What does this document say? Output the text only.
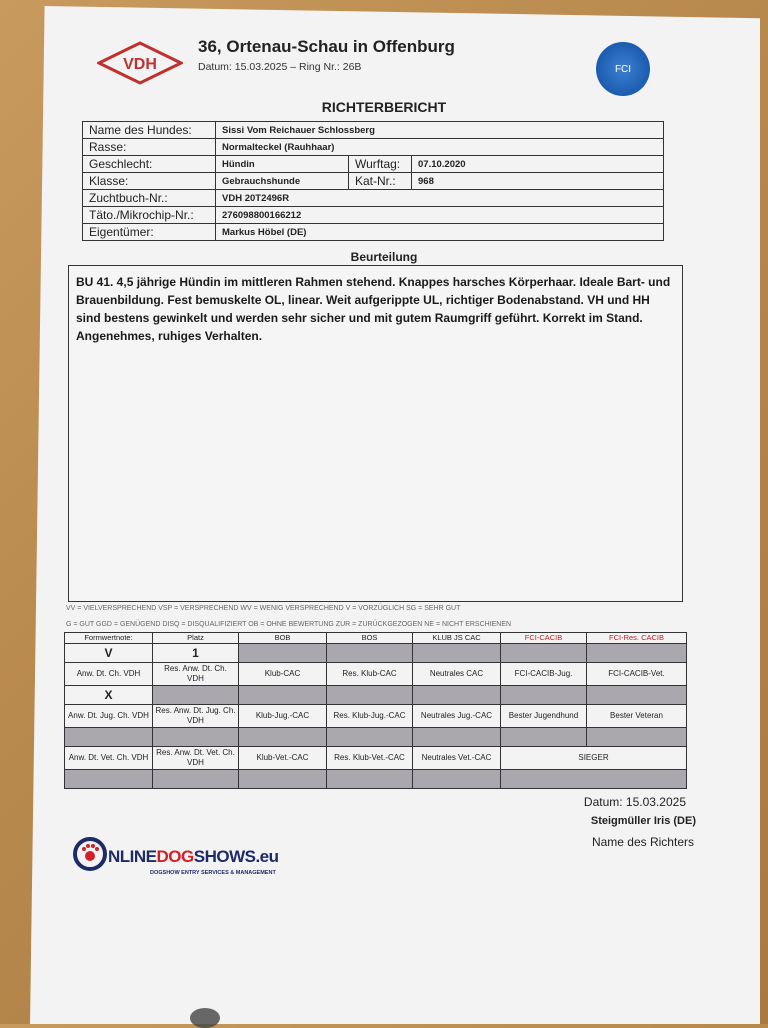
VDH
36, Ortenau-Schau in Offenburg
Datum: 15.03.2025 – Ring Nr.: 26B	FCI
RICHTERBERICHT
Name des Hundes:	Sissi Vom Reichauer Schlossberg		
Rasse:	Normalteckel (Rauhhaar)		
Geschlecht:	Hündin	Wurftag:	07.10.2020
Klasse:	Gebrauchshunde	Kat-Nr.:	968
Zuchtbuch-Nr.:	VDH 20T2496R		
Täto./Mikrochip-Nr.:	276098800166212		
Eigentümer:	Markus Höbel (DE)		
Beurteilung
BU 41. 4,5 jährige Hündin im mittleren Rahmen stehend. Knappes harsches Körperhaar. Ideale Bart- und Brauenbildung. Fest bemuskelte OL, linear. Weit aufgerippte UL, richtiger Bodenabstand. VH und HH sind bestens gewinkelt und werden sehr sicher und mit gutem Raumgriff geführt. Korrekt im Stand. Angenehmes, ruhiges Verhalten.
VV = VIELVERSPRECHEND VSP = VERSPRECHEND WV = WENIG VERSPRECHEND V = VORZÜGLICH SG = SEHR GUT
G = GUT GGD = GENÜGEND DISQ = DISQUALIFIZIERT OB = OHNE BEWERTUNG ZUR = ZURÜCKGEZOGEN NE = NICHT ERSCHIENEN
Formwertnote:	Platz	BOB	BOS	KLUB JS CAC	FCI-CACIB	FCI-Res. CACIB
V	1					
Anw. Dt. Ch. VDH	Res. Anw. Dt. Ch. VDH	Klub-CAC	Res. Klub-CAC	Neutrales CAC	FCI-CACIB-Jug.	FCI-CACIB-Vet.
X						
Anw. Dt. Jug. Ch. VDH	Res. Anw. Dt. Jug. Ch. VDH	Klub-Jug.-CAC	Res. Klub-Jug.-CAC	Neutrales Jug.-CAC	Bester Jugendhund	Bester Veteran

Anw. Dt. Vet. Ch. VDH	Res. Anw. Dt. Vet. Ch. VDH	Klub-Vet.-CAC	Res. Klub-Vet.-CAC	Neutrales Vet.-CAC	SIEGER	

Datum: 15.03.2025
Steigmüller Iris (DE)
Name des Richters
NLINEDOGSHOWS.eu
DOGSHOW ENTRY SERVICES & MANAGEMENT
